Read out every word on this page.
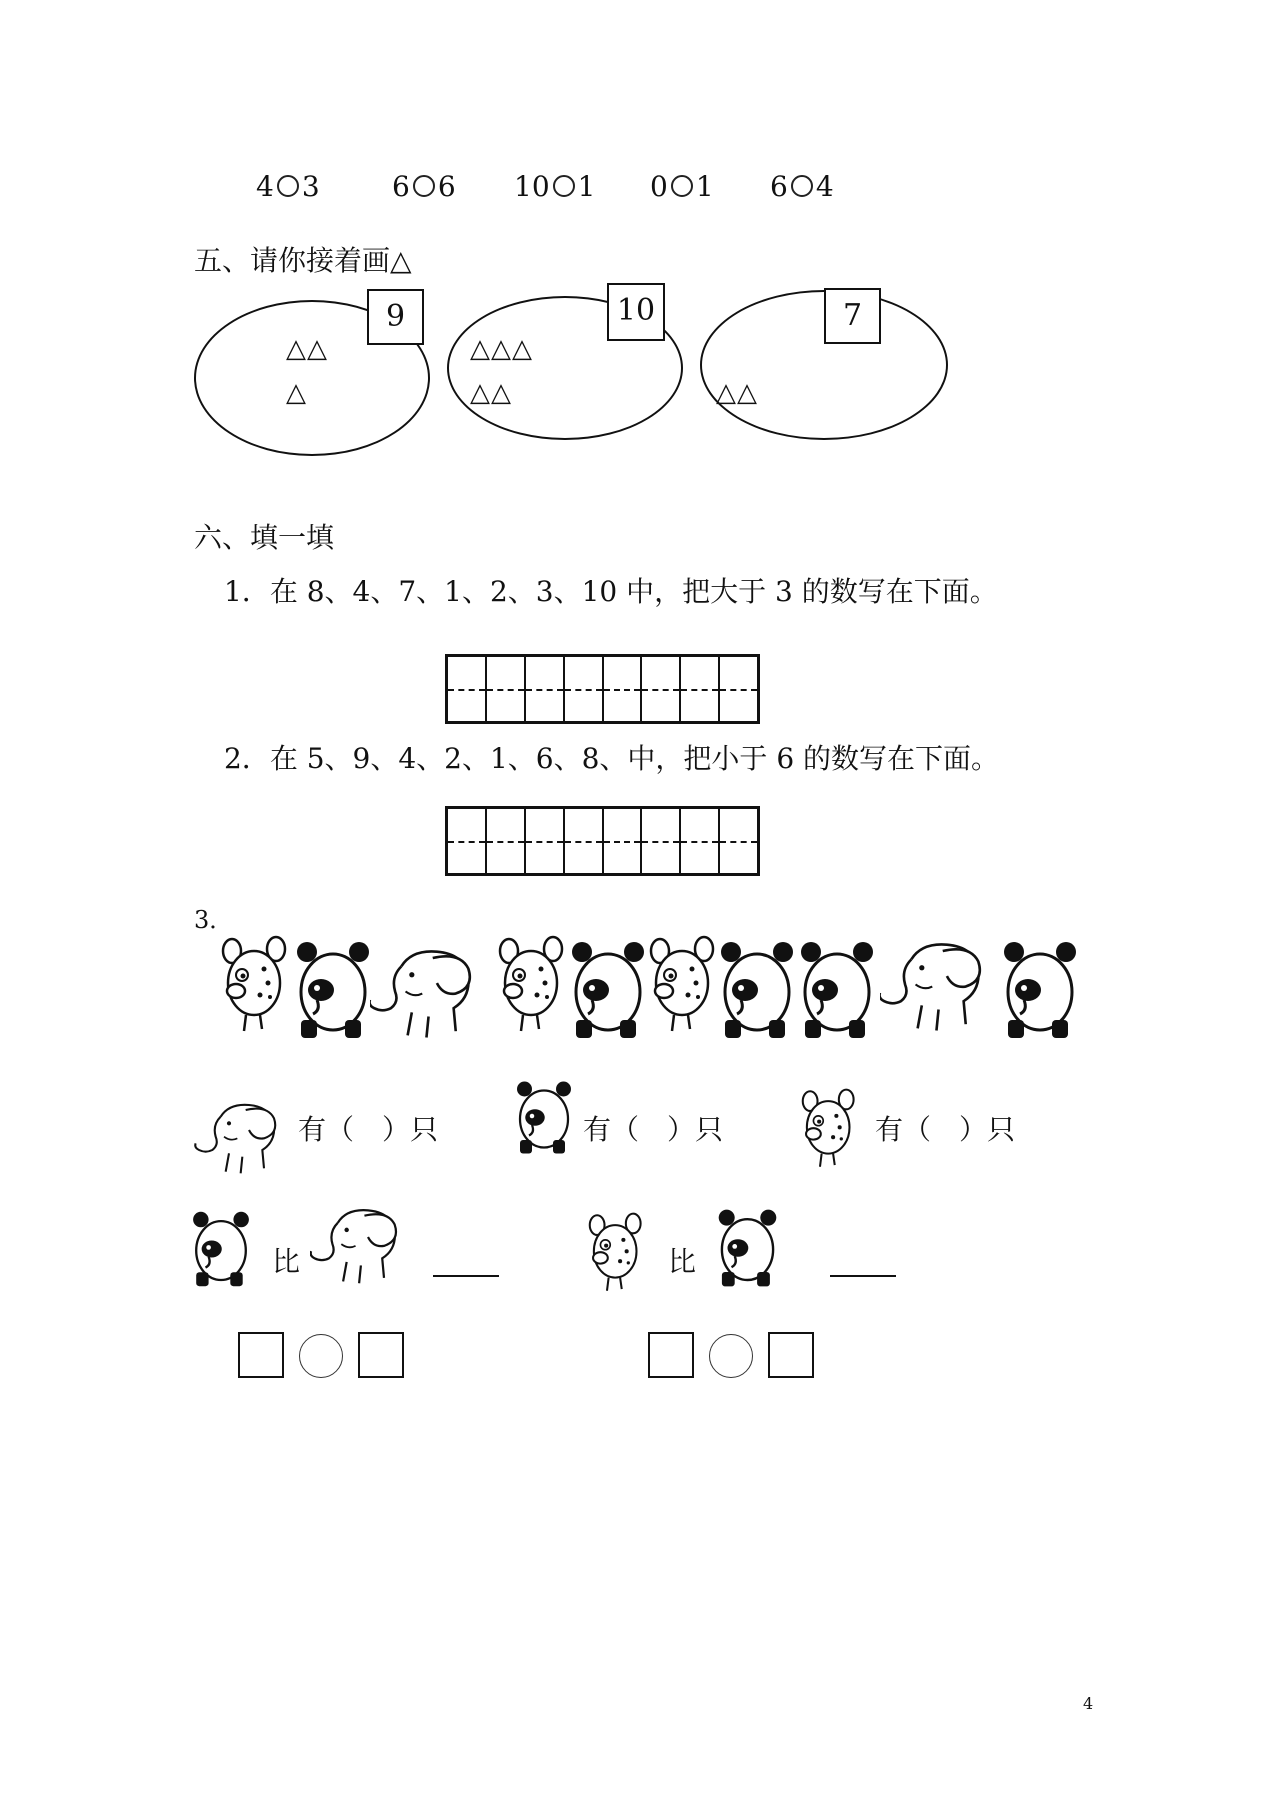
4 3	6 6 10 1 0 1 6 4
五、请你接着画△
9
△△
△
10
△△△
△△
7
△△
六、填一填
1．在 8、4、7、1、2、3、10 中，把大于 3 的数写在下面。
2．在 5、9、4、2、1、6、8、中，把小于 6 的数写在下面。
3．
有（　）只	有（　）只	有（　）只
比	比
4
